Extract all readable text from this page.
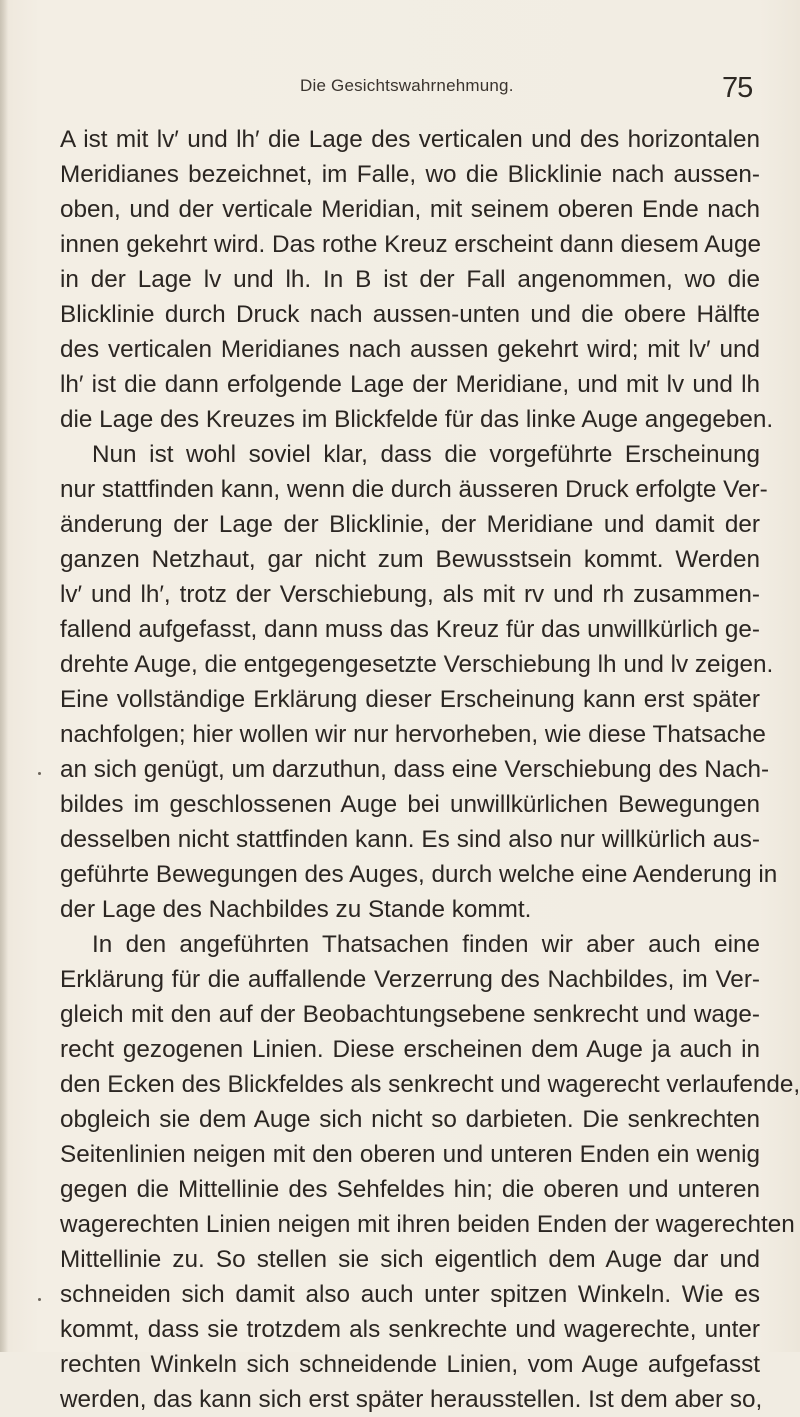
Die Gesichtswahrnehmung.	75
A ist mit lv′ und lh′ die Lage des verticalen und des horizontalen
Meridianes bezeichnet, im Falle, wo die Blicklinie nach aussen-
oben, und der verticale Meridian, mit seinem oberen Ende nach
innen gekehrt wird. Das rothe Kreuz erscheint dann diesem Auge
in der Lage lv und lh. In B ist der Fall angenommen, wo die
Blicklinie durch Druck nach aussen-unten und die obere Hälfte
des verticalen Meridianes nach aussen gekehrt wird; mit lv′ und
lh′ ist die dann erfolgende Lage der Meridiane, und mit lv und lh
die Lage des Kreuzes im Blickfelde für das linke Auge angegeben.
Nun ist wohl soviel klar, dass die vorgeführte Erscheinung
nur stattfinden kann, wenn die durch äusseren Druck erfolgte Ver-
änderung der Lage der Blicklinie, der Meridiane und damit der
ganzen Netzhaut, gar nicht zum Bewusstsein kommt. Werden
lv′ und lh′, trotz der Verschiebung, als mit rv und rh zusammen-
fallend aufgefasst, dann muss das Kreuz für das unwillkürlich ge-
drehte Auge, die entgegengesetzte Verschiebung lh und lv zeigen.
Eine vollständige Erklärung dieser Erscheinung kann erst später
nachfolgen; hier wollen wir nur hervorheben, wie diese Thatsache
an sich genügt, um darzuthun, dass eine Verschiebung des Nach-
bildes im geschlossenen Auge bei unwillkürlichen Bewegungen
desselben nicht stattfinden kann. Es sind also nur willkürlich aus-
geführte Bewegungen des Auges, durch welche eine Aenderung in
der Lage des Nachbildes zu Stande kommt.
In den angeführten Thatsachen finden wir aber auch eine
Erklärung für die auffallende Verzerrung des Nachbildes, im Ver-
gleich mit den auf der Beobachtungsebene senkrecht und wage-
recht gezogenen Linien. Diese erscheinen dem Auge ja auch in
den Ecken des Blickfeldes als senkrecht und wagerecht verlaufende,
obgleich sie dem Auge sich nicht so darbieten. Die senkrechten
Seitenlinien neigen mit den oberen und unteren Enden ein wenig
gegen die Mittellinie des Sehfeldes hin; die oberen und unteren
wagerechten Linien neigen mit ihren beiden Enden der wagerechten
Mittellinie zu. So stellen sie sich eigentlich dem Auge dar und
schneiden sich damit also auch unter spitzen Winkeln. Wie es
kommt, dass sie trotzdem als senkrechte und wagerechte, unter
rechten Winkeln sich schneidende Linien, vom Auge aufgefasst
werden, das kann sich erst später herausstellen. Ist dem aber so,
